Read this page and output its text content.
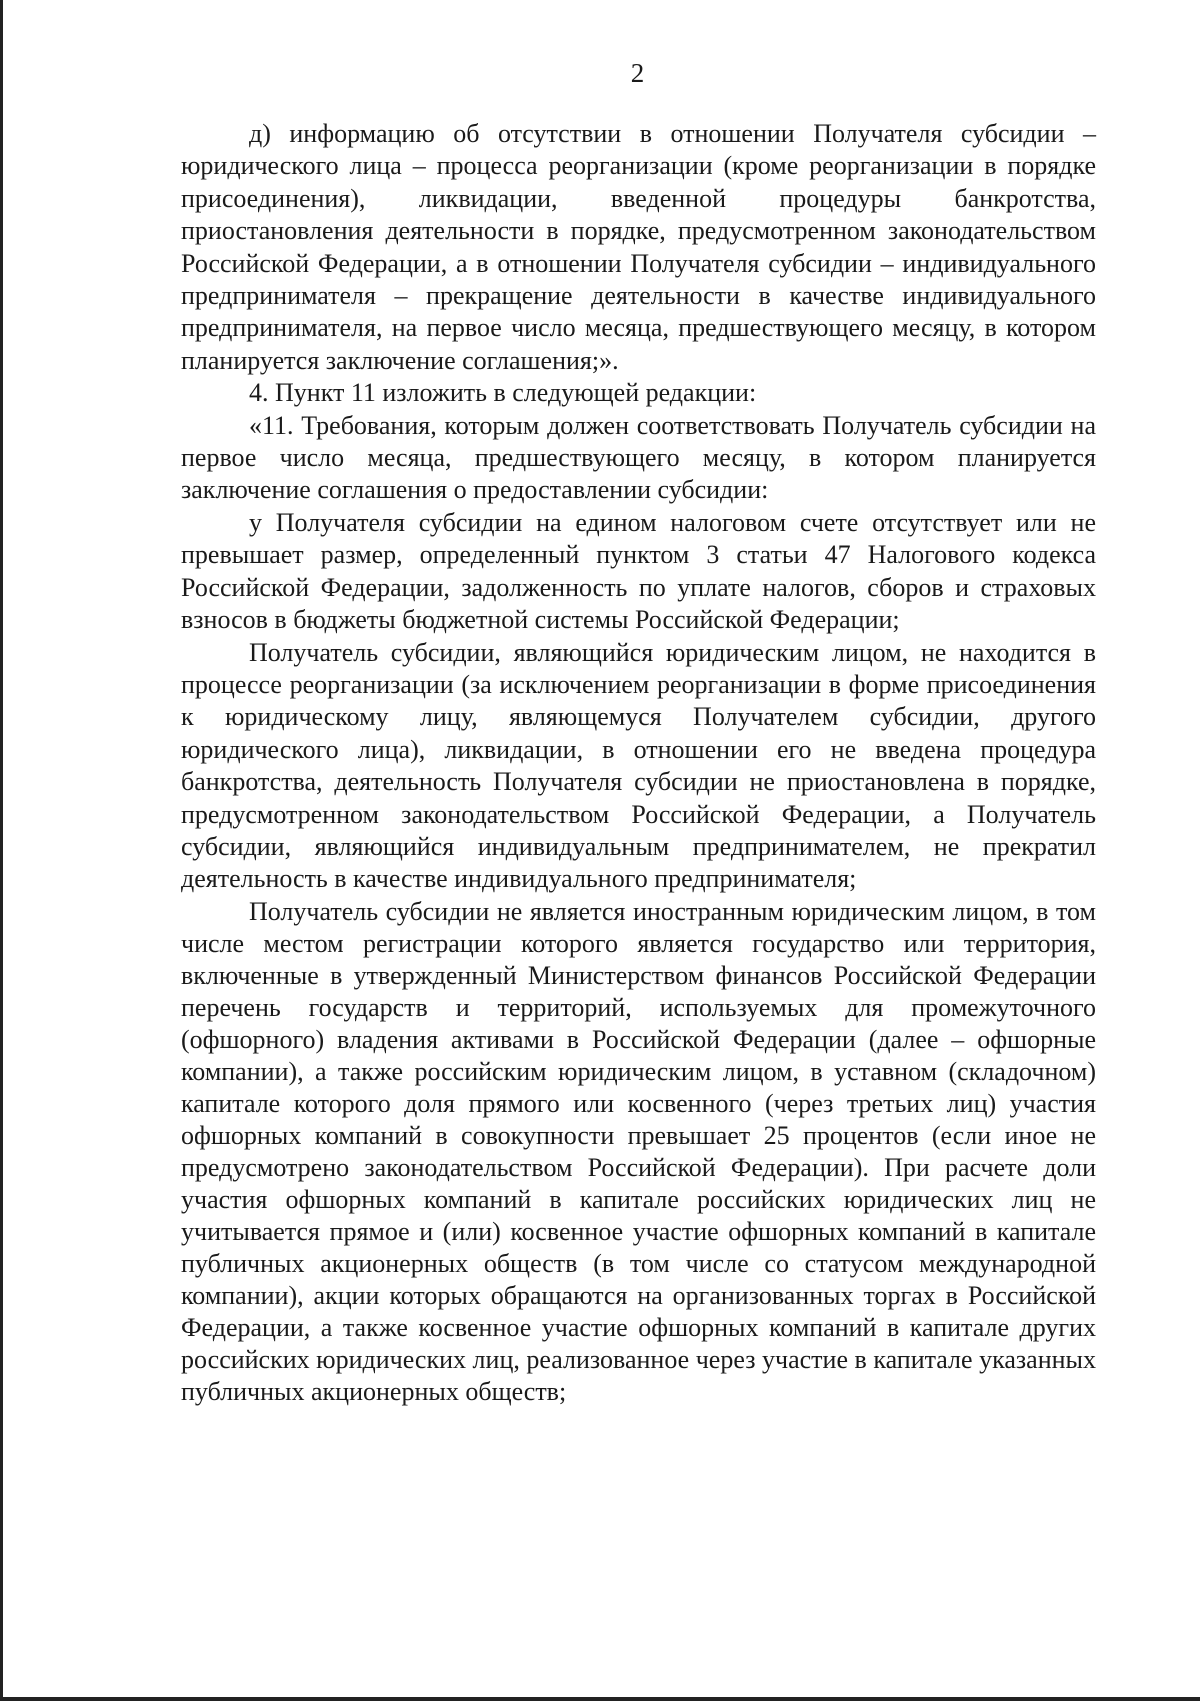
2

д) информацию об отсутствии в отношении Получателя субсидии – юридического лица – процесса реорганизации (кроме реорганизации в порядке присоединения), ликвидации, введенной процедуры банкротства, приостановления деятельности в порядке, предусмотренном законодательством Российской Федерации, а в отношении Получателя субсидии – индивидуального предпринимателя – прекращение деятельности в качестве индивидуального предпринимателя, на первое число месяца, предшествующего месяцу, в котором планируется заключение соглашения;».

4. Пункт 11 изложить в следующей редакции:

«11. Требования, которым должен соответствовать Получатель субсидии на первое число месяца, предшествующего месяцу, в котором планируется заключение соглашения о предоставлении субсидии:

у Получателя субсидии на едином налоговом счете отсутствует или не превышает размер, определенный пунктом 3 статьи 47 Налогового кодекса Российской Федерации, задолженность по уплате налогов, сборов и страховых взносов в бюджеты бюджетной системы Российской Федерации;

Получатель субсидии, являющийся юридическим лицом, не находится в процессе реорганизации (за исключением реорганизации в форме присоединения к юридическому лицу, являющемуся Получателем субсидии, другого юридического лица), ликвидации, в отношении его не введена процедура банкротства, деятельность Получателя субсидии не приостановлена в порядке, предусмотренном законодательством Российской Федерации, а Получатель субсидии, являющийся индивидуальным предпринимателем, не прекратил деятельность в качестве индивидуального предпринимателя;

Получатель субсидии не является иностранным юридическим лицом, в том числе местом регистрации которого является государство или территория, включенные в утвержденный Министерством финансов Российской Федерации перечень государств и территорий, используемых для промежуточного (офшорного) владения активами в Российской Федерации (далее – офшорные компании), а также российским юридическим лицом, в уставном (складочном) капитале которого доля прямого или косвенного (через третьих лиц) участия офшорных компаний в совокупности превышает 25 процентов (если иное не предусмотрено законодательством Российской Федерации). При расчете доли участия офшорных компаний в капитале российских юридических лиц не учитывается прямое и (или) косвенное участие офшорных компаний в капитале публичных акционерных обществ (в том числе со статусом международной компании), акции которых обращаются на организованных торгах в Российской Федерации, а также косвенное участие офшорных компаний в капитале других российских юридических лиц, реализованное через участие в капитале указанных публичных акционерных обществ;
